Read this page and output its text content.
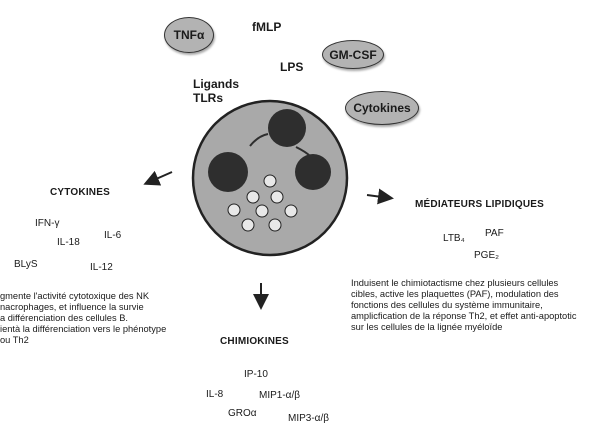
TNFα
GM-CSF
Cytokines
fMLP
LPS
Ligands
TLRs
CYTOKINES
IFN-γ
IL-6
IL-18
BLyS	IL-12
gmente l'activité cytotoxique des NK
nacrophages, et influence la survie
a différenciation des cellules B.
ientà la différenciation vers le phénotype
ou Th2
MÉDIATEURS LIPIDIQUES
LTB₄ PAF
PGE₂
Induisent le chimiotactisme chez plusieurs cellules
cibles, active les plaquettes (PAF), modulation des
fonctions des cellules du système immunitaire,
amplicfication de la réponse Th2, et effet anti-apoptotic
sur les cellules de la lignée myéloïde
CHIMIOKINES
IP-10
IL-8	MIP1-α/β
GROα	MIP3-α/β
